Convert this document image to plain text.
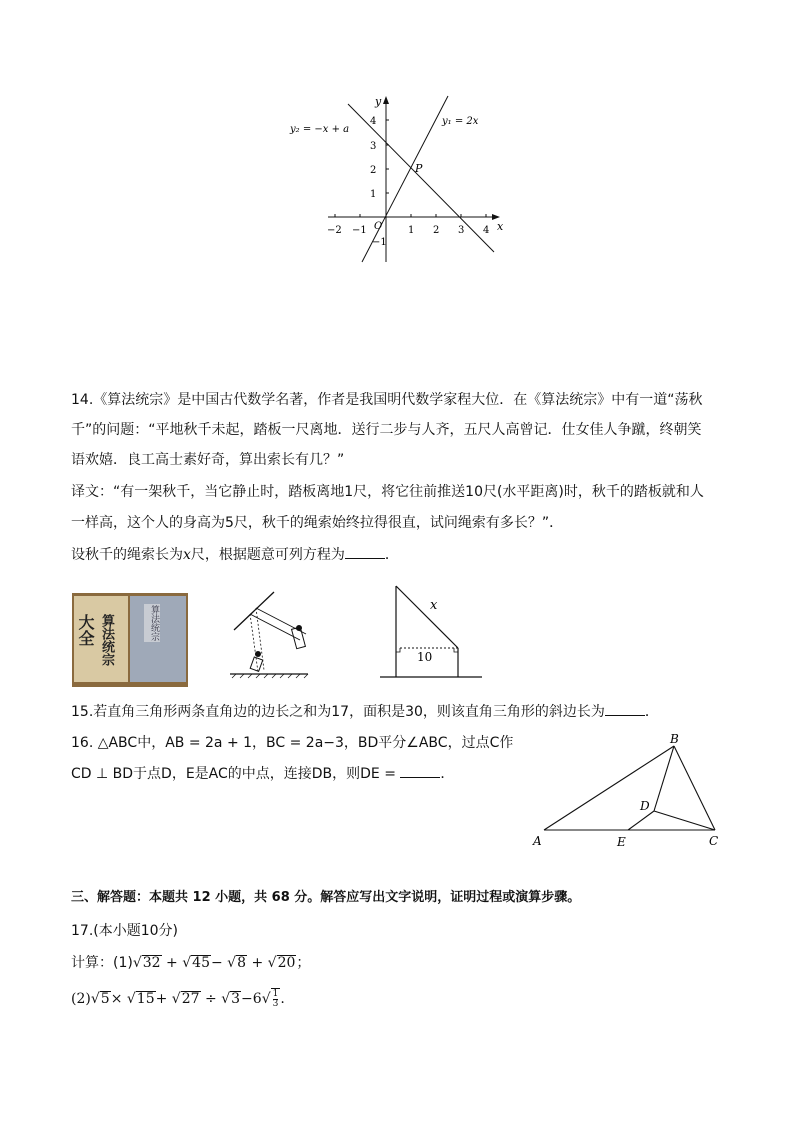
−2 −1	1 2 3 4
1
2
3
4
−1
O	x
y
P
y₁ = 2x
y₂ = −x + a
14.《算法统宗》是中国古代数学名著，作者是我国明代数学家程大位．在《算法统宗》中有一道“荡秋
千”的问题：“平地秋千未起，踏板一尺离地．送行二步与人齐，五尺人高曾记．仕女佳人争蹴，终朝笑
语欢嬉．良工高士素好奇，算出索长有几？”
译文：“有一架秋千，当它静止时，踏板离地1尺，将它往前推送10尺(水平距离)时，秋千的踏板就和人
一样高，这个人的身高为5尺，秋千的绳索始终拉得很直，试问绳索有多长？”．
设秋千的绳索长为x尺，根据题意可列方程为	．
大全 算法统宗	算法统宗	x
10
15.若直角三角形两条直角边的边长之和为17，面积是30，则该直角三角形的斜边长为	．
16. △ABC中，AB = 2a + 1，BC = 2a−3，BD平分∠ABC，过点C作
CD ⊥ BD于点D，E是AC的中点，连接DB，则DE =	．
A
B
C
D
E
三、解答题：本题共 12 小题，共 68 分。解答应写出文字说明，证明过程或演算步骤。
17.(本小题10分)
计算：(1)√32 + √45− √8 + √20；
$(2)√5\times √15+ √27 \div √3-6√ \frac{1}{3}$ .
